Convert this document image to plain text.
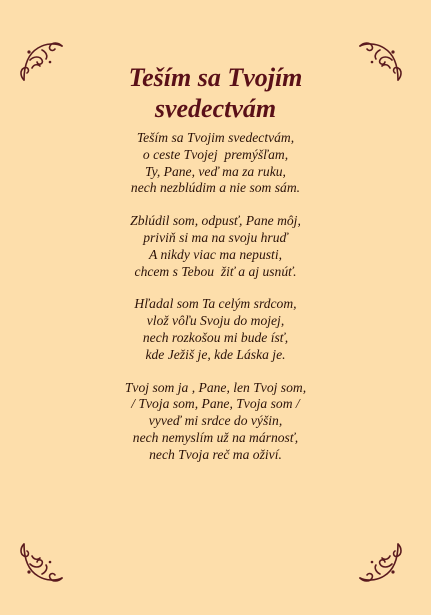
Teším sa Tvojím
svedectvám
Teším sa Tvojim svedectvám,
o ceste Tvojej  premýšľam,
Ty, Pane, veď ma za ruku,
nech nezblúdim a nie som sám.
Zblúdil som, odpusť, Pane môj,
priviň si ma na svoju hruď
A nikdy viac ma nepusti,
chcem s Tebou  žiť a aj usnúť.
Hľadal som Ta celým srdcom,
vlož vôľu Svoju do mojej,
nech rozkošou mi bude ísť,
kde Ježiš je, kde Láska je.
Tvoj som ja , Pane, len Tvoj som,
/ Tvoja som, Pane, Tvoja som /
vyveď mi srdce do výšin,
nech nemyslím už na márnosť,
nech Tvoja reč ma oživí.
